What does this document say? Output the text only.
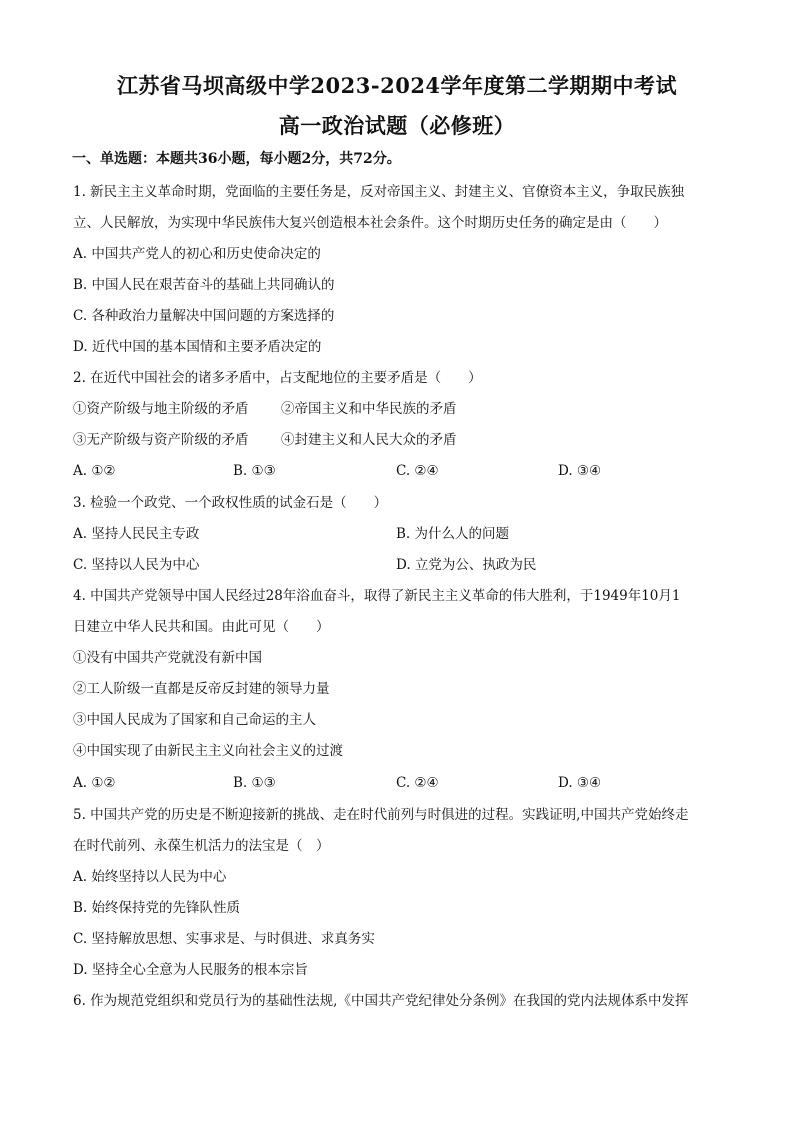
江苏省马坝高级中学2023-2024学年度第二学期期中考试
高一政治试题（必修班）
一、单选题：本题共36小题，每小题2分，共72分。
1. 新民主主义革命时期，党面临的主要任务是，反对帝国主义、封建主义、官僚资本主义，争取民族独
立、人民解放，为实现中华民族伟大复兴创造根本社会条件。这个时期历史任务的确定是由（　　）
A. 中国共产党人的初心和历史使命决定的
B. 中国人民在艰苦奋斗的基础上共同确认的
C. 各种政治力量解决中国问题的方案选择的
D. 近代中国的基本国情和主要矛盾决定的
2. 在近代中国社会的诸多矛盾中，占支配地位的主要矛盾是（　　）
①资产阶级与地主阶级的矛盾 ②帝国主义和中华民族的矛盾
③无产阶级与资产阶级的矛盾 ④封建主义和人民大众的矛盾
A. ①②	B. ①③	C. ②④	D. ③④
3. 检验一个政党、一个政权性质的试金石是（　　）
A. 坚持人民民主专政	B. 为什么人的问题
C. 坚持以人民为中心	D. 立党为公、执政为民
4. 中国共产党领导中国人民经过28年浴血奋斗，取得了新民主主义革命的伟大胜利，于1949年10月1
日建立中华人民共和国。由此可见（　　）
①没有中国共产党就没有新中国
②工人阶级一直都是反帝反封建的领导力量
③中国人民成为了国家和自己命运的主人
④中国实现了由新民主主义向社会主义的过渡
A. ①②	B. ①③	C. ②④	D. ③④
5. 中国共产党的历史是不断迎接新的挑战、走在时代前列与时俱进的过程。实践证明,中国共产党始终走
在时代前列、永葆生机活力的法宝是（　）
A. 始终坚持以人民为中心
B. 始终保持党的先锋队性质
C. 坚持解放思想、实事求是、与时俱进、求真务实
D. 坚持全心全意为人民服务的根本宗旨
6. 作为规范党组织和党员行为的基础性法规,《中国共产党纪律处分条例》在我国的党内法规体系中发挥
